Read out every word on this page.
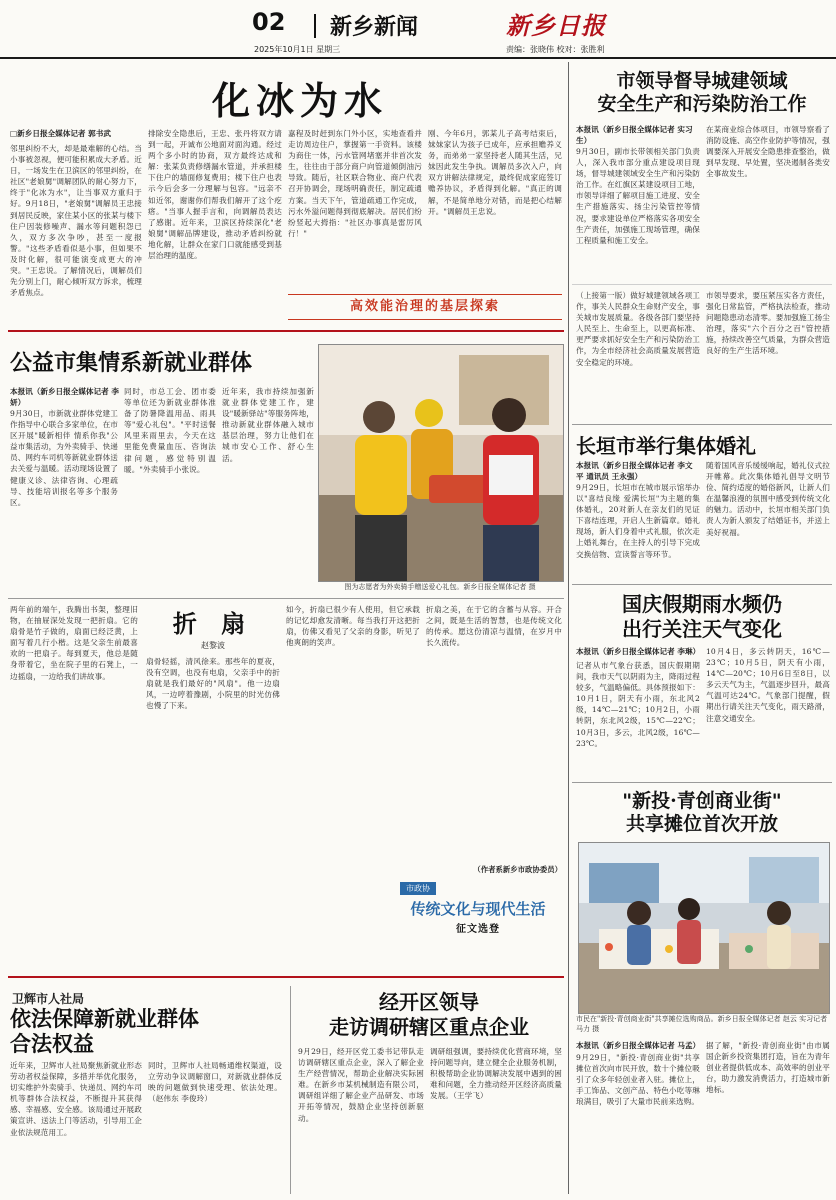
02 新乡新闻
2025年10月1日 星期三
新乡日报
责编：张晓伟 校对：张胜利
化冰为水
□新乡日报全媒体记者 郭书武
邻里纠纷不大，却是最难解的心结。当小事被忽视，便可能积累成大矛盾。近日，一场发生在卫滨区的邻里纠纷，在社区"老娘舅"调解团队的耐心努力下，终于"化冰为水"，让当事双方重归于好。9月18日，"老娘舅"调解员王忠接到居民反映，家住某小区的张某与楼下住户因装修噪声、漏水等问题积怨已久，双方多次争吵，甚至一度报警。"这些矛盾看似是小事，但如果不及时化解，很可能演变成更大的冲突。"王忠说。了解情况后，调解员们先分别上门，耐心倾听双方诉求，梳理矛盾焦点。
排除安全隐患后，王忠、张丹将双方请到一起，开诚布公地面对面沟通。经过两个多小时的协商，双方最终达成和解：张某负责修缮漏水管道，并承担楼下住户的墙面修复费用；楼下住户也表示今后会多一分理解与包容。"远亲不如近邻，谢谢你们帮我们解开了这个疙瘩。"当事人握手言和，向调解员表达了感谢。近年来，卫滨区持续深化"老娘舅"调解品牌建设，推动矛盾纠纷就地化解，让群众在家门口就能感受到基层治理的温度。
嘉程及时赶到东门外小区，实地查看并走访周边住户，掌握第一手资料。该楼为商住一体，污水管网堵塞并非首次发生，往往由于部分商户向管道倾倒油污导致。随后，社区联合物业、商户代表召开协调会，现场明确责任，制定疏通方案。当天下午，管道疏通工作完成，污水外溢问题得到彻底解决。居民们纷纷竖起大拇指："社区办事真是雷厉风行！"
刚、今年6月，郭某儿子高考结束后，妹妹家认为孩子已成年，应承担赡养义务，而弟弟一家坚持老人随其生活，兄妹因此发生争执。调解员多次入户，向双方讲解法律规定，最终促成家庭签订赡养协议，矛盾得到化解。"真正的调解，不是简单地分对错，而是把心结解开。"调解员王忠说。
高效能治理的基层探索
公益市集情系新就业群体
本报讯（新乡日报全媒体记者 李妍）
9月30日，市新就业群体党建工作指导中心联合多家单位，在市区开展"暖新相伴 情系你我"公益市集活动，为外卖骑手、快递员、网约车司机等新就业群体送去关爱与温暖。活动现场设置了健康义诊、法律咨询、心理疏导、技能培训报名等多个服务区。
同时，市总工会、团市委等单位还为新就业群体准备了防暑降温用品、雨具等"爱心礼包"。"平时送餐风里来雨里去，今天在这里能免费量血压、咨询法律问题，感觉特别温暖。"外卖骑手小张说。
近年来，我市持续加强新就业群体党建工作，建设"暖新驿站"等服务阵地，推动新就业群体融入城市基层治理，努力让他们在城市安心工作、舒心生活。
图为志愿者为外卖骑手赠送爱心礼包。新乡日报全媒体记者 摄
两年前的端午，我腾出书架，整理旧物，在抽屉深处发现一把折扇。它的扇骨是竹子做的，扇面已经泛黄，上面写着几行小楷。这是父亲生前最喜欢的一把扇子。每到夏天，他总是随身带着它，坐在院子里的石凳上，一边摇扇，一边给我们讲故事。
折 扇
赵黎波
扇骨轻摇，清风徐来。那些年的夏夜，没有空调，也没有电扇，父亲手中的折扇就是我们最好的"风扇"。他一边扇风，一边哼着豫剧，小院里的时光仿佛也慢了下来。
如今，折扇已很少有人使用，但它承载的记忆却愈发清晰。每当我打开这把折扇，仿佛又看见了父亲的身影，听见了他爽朗的笑声。
折扇之美，在于它的含蓄与从容。开合之间，既是生活的智慧，也是传统文化的传承。愿这份清凉与温情，在岁月中长久流传。
（作者系新乡市政协委员）
市政协
传统文化与现代生活
征文选登
卫辉市人社局
依法保障新就业群体
合法权益
近年来，卫辉市人社局聚焦新就业形态劳动者权益保障，多措并举优化服务，切实维护外卖骑手、快递员、网约车司机等群体合法权益，不断提升其获得感、幸福感、安全感。该局通过开展政策宣讲、送法上门等活动，引导用工企业依法规范用工。
同时，卫辉市人社局畅通维权渠道，设立劳动争议调解窗口，对新就业群体反映的问题做到快速受理、依法处理。（赵伟东 李俊玲）
经开区领导
走访调研辖区重点企业
9月29日，经开区党工委书记带队走访调研辖区重点企业，深入了解企业生产经营情况，帮助企业解决实际困难。在新乡市某机械制造有限公司，调研组详细了解企业产品研发、市场开拓等情况，鼓励企业坚持创新驱动。
调研组强调，要持续优化营商环境，坚持问题导向，建立健全企业服务机制，积极帮助企业协调解决发展中遇到的困难和问题，全力推动经开区经济高质量发展。（王学飞）
市领导督导城建领域
安全生产和污染防治工作
本报讯（新乡日报全媒体记者 实习生）
9月30日，副市长带领相关部门负责人，深入我市部分重点建设项目现场，督导城建领域安全生产和污染防治工作。在红旗区某建设项目工地，市领导详细了解项目施工进度、安全生产措施落实、扬尘污染管控等情况，要求建设单位严格落实各项安全生产责任，加强施工现场管理，确保工程质量和施工安全。
在某商业综合体项目，市领导察看了消防设施、高空作业防护等情况，强调要深入开展安全隐患排查整治，做到早发现、早处置，坚决遏制各类安全事故发生。
（上接第一版）做好城建领域各项工作，事关人民群众生命财产安全，事关城市发展质量。各级各部门要坚持人民至上、生命至上，以更高标准、更严要求抓好安全生产和污染防治工作，为全市经济社会高质量发展营造安全稳定的环境。
市领导要求，要压紧压实各方责任，强化日常监管，严格执法检查，推动问题隐患动态清零。要加强施工扬尘治理，落实"六个百分之百"管控措施，持续改善空气质量，为群众营造良好的生产生活环境。
长垣市举行集体婚礼
本报讯（新乡日报全媒体记者 李文平 通讯员 王永强）
9月29日，长垣市在城市展示馆举办以"喜结良缘 爱满长垣"为主题的集体婚礼，20对新人在亲友们的见证下喜结连理，开启人生新篇章。婚礼现场，新人们身着中式礼服，依次走上婚礼舞台，在主持人的引导下完成交换信物、宣读誓言等环节。
随着国风音乐缓缓响起，婚礼仪式拉开帷幕。此次集体婚礼倡导文明节俭、简约适度的婚俗新风，让新人们在温馨浪漫的氛围中感受到传统文化的魅力。活动中，长垣市相关部门负责人为新人颁发了结婚证书，并送上美好祝福。
国庆假期雨水频仍
出行关注天气变化
本报讯（新乡日报全媒体记者 李琳）
记者从市气象台获悉，国庆假期期间，我市天气以阴雨为主，降雨过程较多，气温略偏低。具体预报如下：10月1日，阴天有小雨，东北风2级，14℃—21℃；10月2日，小雨转阴，东北风2级，15℃—22℃；10月3日，多云，北风2级，16℃—23℃。
10月4日，多云转阴天，16℃—23℃；10月5日，阴天有小雨，14℃—20℃；10月6日至8日，以多云天气为主，气温逐步回升，最高气温可达24℃。气象部门提醒，假期出行请关注天气变化，雨天路滑，注意交通安全。
"新投·青创商业街"
共享摊位首次开放
市民在"新投·青创商业街"共享摊位选购商品。新乡日报全媒体记者 赵云 实习记者 马力 摄
本报讯（新乡日报全媒体记者 马孟）
9月29日，"新投·青创商业街"共享摊位首次向市民开放，数十个摊位吸引了众多年轻创业者入驻。摊位上，手工饰品、文创产品、特色小吃等琳琅满目，吸引了大量市民前来选购。
据了解，"新投·青创商业街"由市属国企新乡投资集团打造，旨在为青年创业者提供低成本、高效率的创业平台，助力激发消费活力，打造城市新地标。
